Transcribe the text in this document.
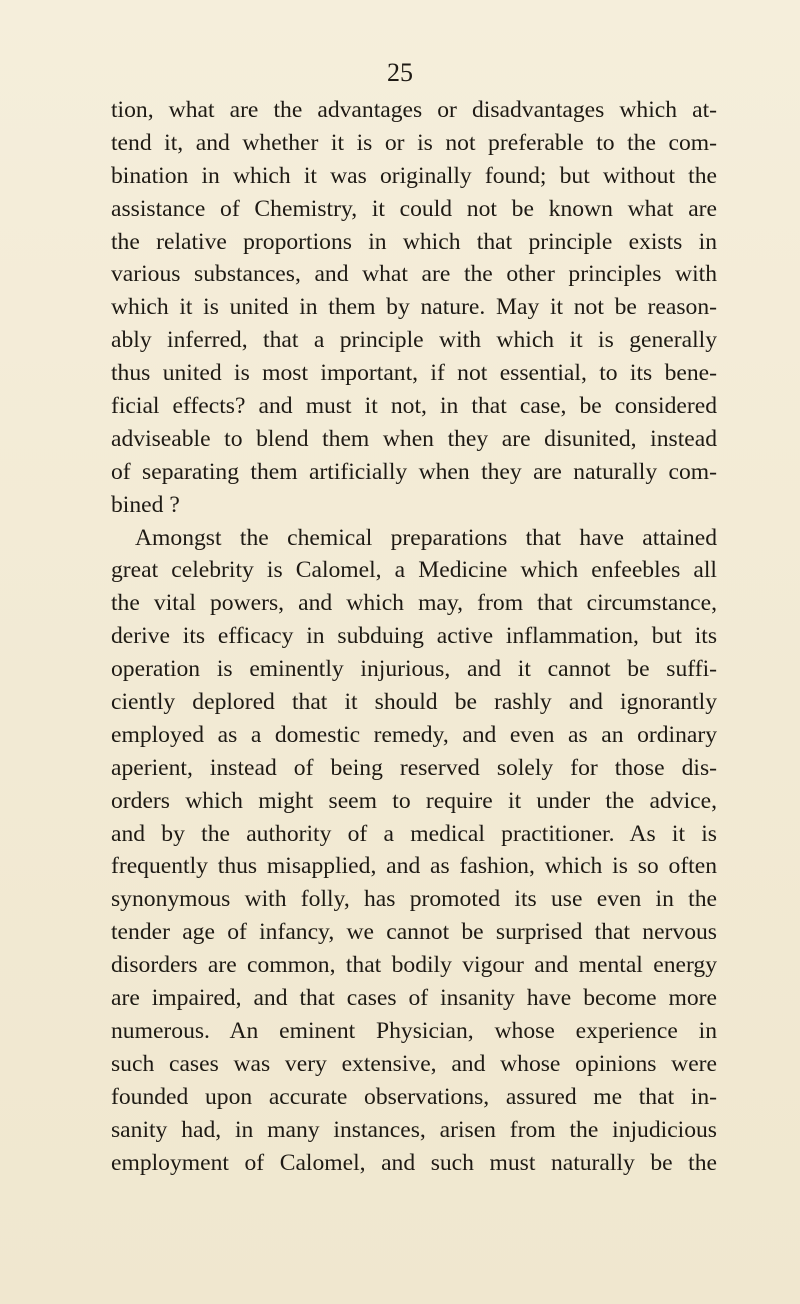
25
tion, what are the advantages or disadvantages which at-
tend it, and whether it is or is not preferable to the com-
bination in which it was originally found; but without the
assistance of Chemistry, it could not be known what are
the relative proportions in which that principle exists in
various substances, and what are the other principles with
which it is united in them by nature. May it not be reason-
ably inferred, that a principle with which it is generally
thus united is most important, if not essential, to its bene-
ficial effects? and must it not, in that case, be considered
adviseable to blend them when they are disunited, instead
of separating them artificially when they are naturally com-
bined ?
Amongst the chemical preparations that have attained
great celebrity is Calomel, a Medicine which enfeebles all
the vital powers, and which may, from that circumstance,
derive its efficacy in subduing active inflammation, but its
operation is eminently injurious, and it cannot be suffi-
ciently deplored that it should be rashly and ignorantly
employed as a domestic remedy, and even as an ordinary
aperient, instead of being reserved solely for those dis-
orders which might seem to require it under the advice,
and by the authority of a medical practitioner. As it is
frequently thus misapplied, and as fashion, which is so often
synonymous with folly, has promoted its use even in the
tender age of infancy, we cannot be surprised that nervous
disorders are common, that bodily vigour and mental energy
are impaired, and that cases of insanity have become more
numerous. An eminent Physician, whose experience in
such cases was very extensive, and whose opinions were
founded upon accurate observations, assured me that in-
sanity had, in many instances, arisen from the injudicious
employment of Calomel, and such must naturally be the
